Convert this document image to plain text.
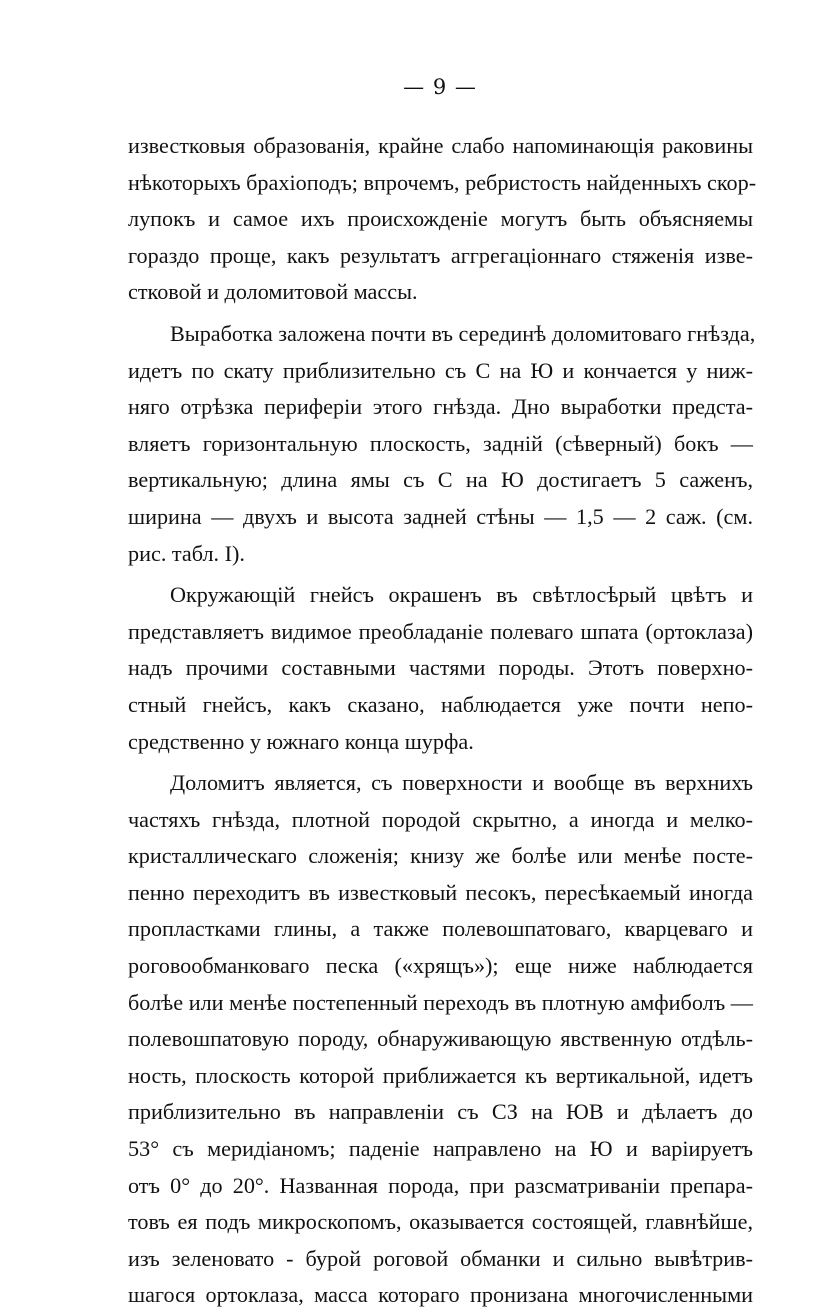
— 9 —
известковыя образованія, крайне слабо напоминающія раковины
нѣкоторыхъ брахіоподъ; впрочемъ, ребристость найденныхъ скор-
лупокъ и самое ихъ происхожденіе могутъ быть объясняемы
гораздо проще, какъ результатъ аггрегаціоннаго стяженія изве-
стковой и доломитовой массы.
Выработка заложена почти въ серединѣ доломитоваго гнѣзда,
идетъ по скату приблизительно съ С на Ю и кончается у ниж-
няго отрѣзка периферіи этого гнѣзда. Дно выработки предста-
вляетъ горизонтальную плоскость, задній (сѣверный) бокъ —
вертикальную; длина ямы съ С на Ю достигаетъ 5 саженъ,
ширина — двухъ и высота задней стѣны — 1,5 — 2 саж. (см.
рис. табл. I).
Окружающій гнейсъ окрашенъ въ свѣтлосѣрый цвѣтъ и
представляетъ видимое преобладаніе полеваго шпата (ортоклаза)
надъ прочими составными частями породы. Этотъ поверхно-
стный гнейсъ, какъ сказано, наблюдается уже почти непо-
средственно у южнаго конца шурфа.
Доломитъ является, съ поверхности и вообще въ верхнихъ
частяхъ гнѣзда, плотной породой скрытно, а иногда и мелко-
кристаллическаго сложенія; книзу же болѣе или менѣе посте-
пенно переходитъ въ известковый песокъ, пересѣкаемый иногда
пропластками глины, а также полевошпатоваго, кварцеваго и
роговообманковаго песка («хрящъ»); еще ниже наблюдается
болѣе или менѣе постепенный переходъ въ плотную амфиболъ —
полевошпатовую породу, обнаруживающую явственную отдѣль-
ность, плоскость которой приближается къ вертикальной, идетъ
приблизительно въ направленіи съ СЗ на ЮВ и дѣлаетъ до
53° съ меридіаномъ; паденіе направлено на Ю и варіируетъ
отъ 0° до 20°. Названная порода, при разсматриваніи препара-
товъ ея подъ микроскопомъ, оказывается состоящей, главнѣйше,
изъ зеленовато - бурой роговой обманки и сильно вывѣтрив-
шагося ортоклаза, масса котораго пронизана многочисленными
